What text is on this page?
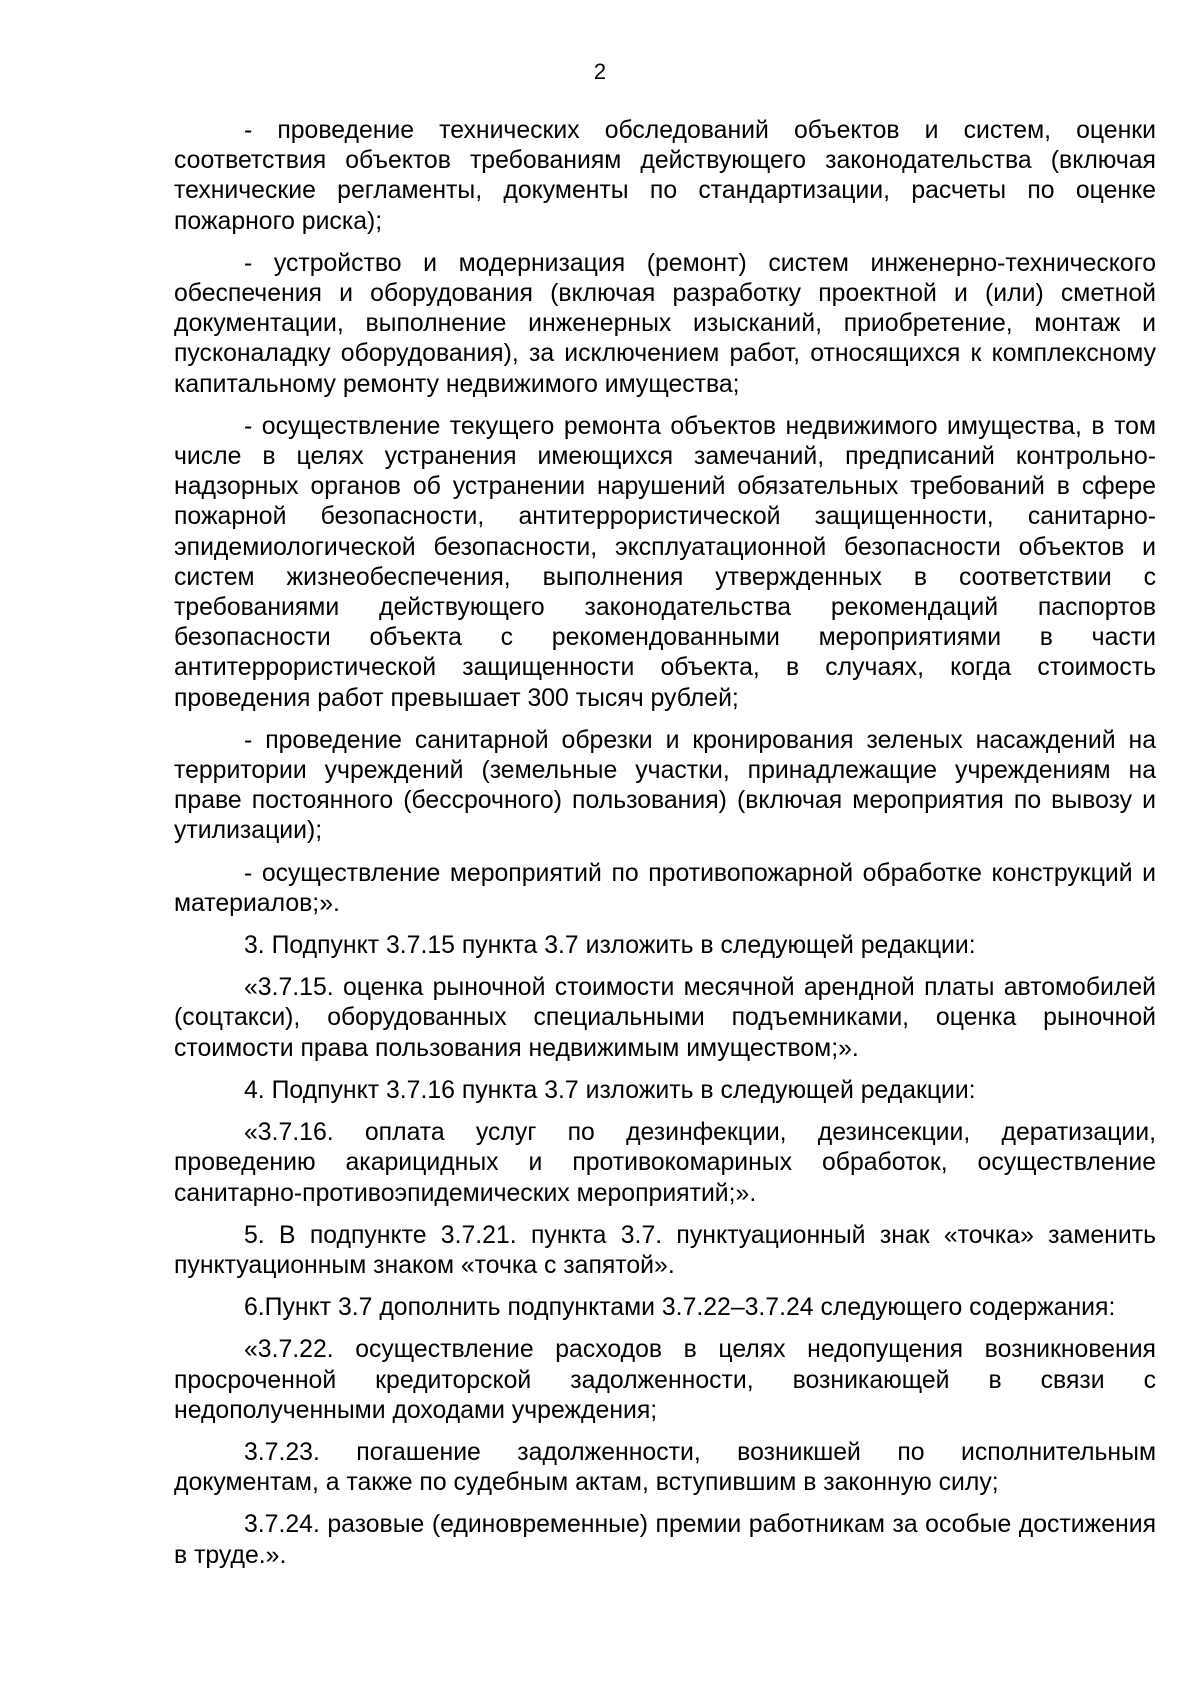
2

- проведение технических обследований объектов и систем, оценки соответствия объектов требованиям действующего законодательства (включая технические регламенты, документы по стандартизации, расчеты по оценке пожарного риска);

- устройство и модернизация (ремонт) систем инженерно-технического обеспечения и оборудования (включая разработку проектной и (или) сметной документации, выполнение инженерных изысканий, приобретение, монтаж и пусконаладку оборудования), за исключением работ, относящихся к комплексному капитальному ремонту недвижимого имущества;

- осуществление текущего ремонта объектов недвижимого имущества, в том числе в целях устранения имеющихся замечаний, предписаний контрольно-надзорных органов об устранении нарушений обязательных требований в сфере пожарной безопасности, антитеррористической защищенности, санитарно-эпидемиологической безопасности, эксплуатационной безопасности объектов и систем жизнеобеспечения, выполнения утвержденных в соответствии с требованиями действующего законодательства рекомендаций паспортов безопасности объекта с рекомендованными мероприятиями в части антитеррористической защищенности объекта, в случаях, когда стоимость проведения работ превышает 300 тысяч рублей;

- проведение санитарной обрезки и кронирования зеленых насаждений на территории учреждений (земельные участки, принадлежащие учреждениям на праве постоянного (бессрочного) пользования) (включая мероприятия по вывозу и утилизации);

- осуществление мероприятий по противопожарной обработке конструкций и материалов;».

3. Подпункт 3.7.15 пункта 3.7 изложить в следующей редакции:

«3.7.15. оценка рыночной стоимости месячной арендной платы автомобилей (соцтакси), оборудованных специальными подъемниками, оценка рыночной стоимости права пользования недвижимым имуществом;».

4. Подпункт 3.7.16 пункта 3.7 изложить в следующей редакции:

«3.7.16. оплата услуг по дезинфекции, дезинсекции, дератизации, проведению акарицидных и противокомариных обработок, осуществление санитарно-противоэпидемических мероприятий;».

5. В подпункте 3.7.21. пункта 3.7. пунктуационный знак «точка» заменить пунктуационным знаком «точка с запятой».

6.Пункт 3.7 дополнить подпунктами 3.7.22–3.7.24 следующего содержания:

«3.7.22. осуществление расходов в целях недопущения возникновения просроченной кредиторской задолженности, возникающей в связи с недополученными доходами учреждения;

3.7.23. погашение задолженности, возникшей по исполнительным документам, а также по судебным актам, вступившим в законную силу;

3.7.24. разовые (единовременные) премии работникам за особые достижения в труде.».
